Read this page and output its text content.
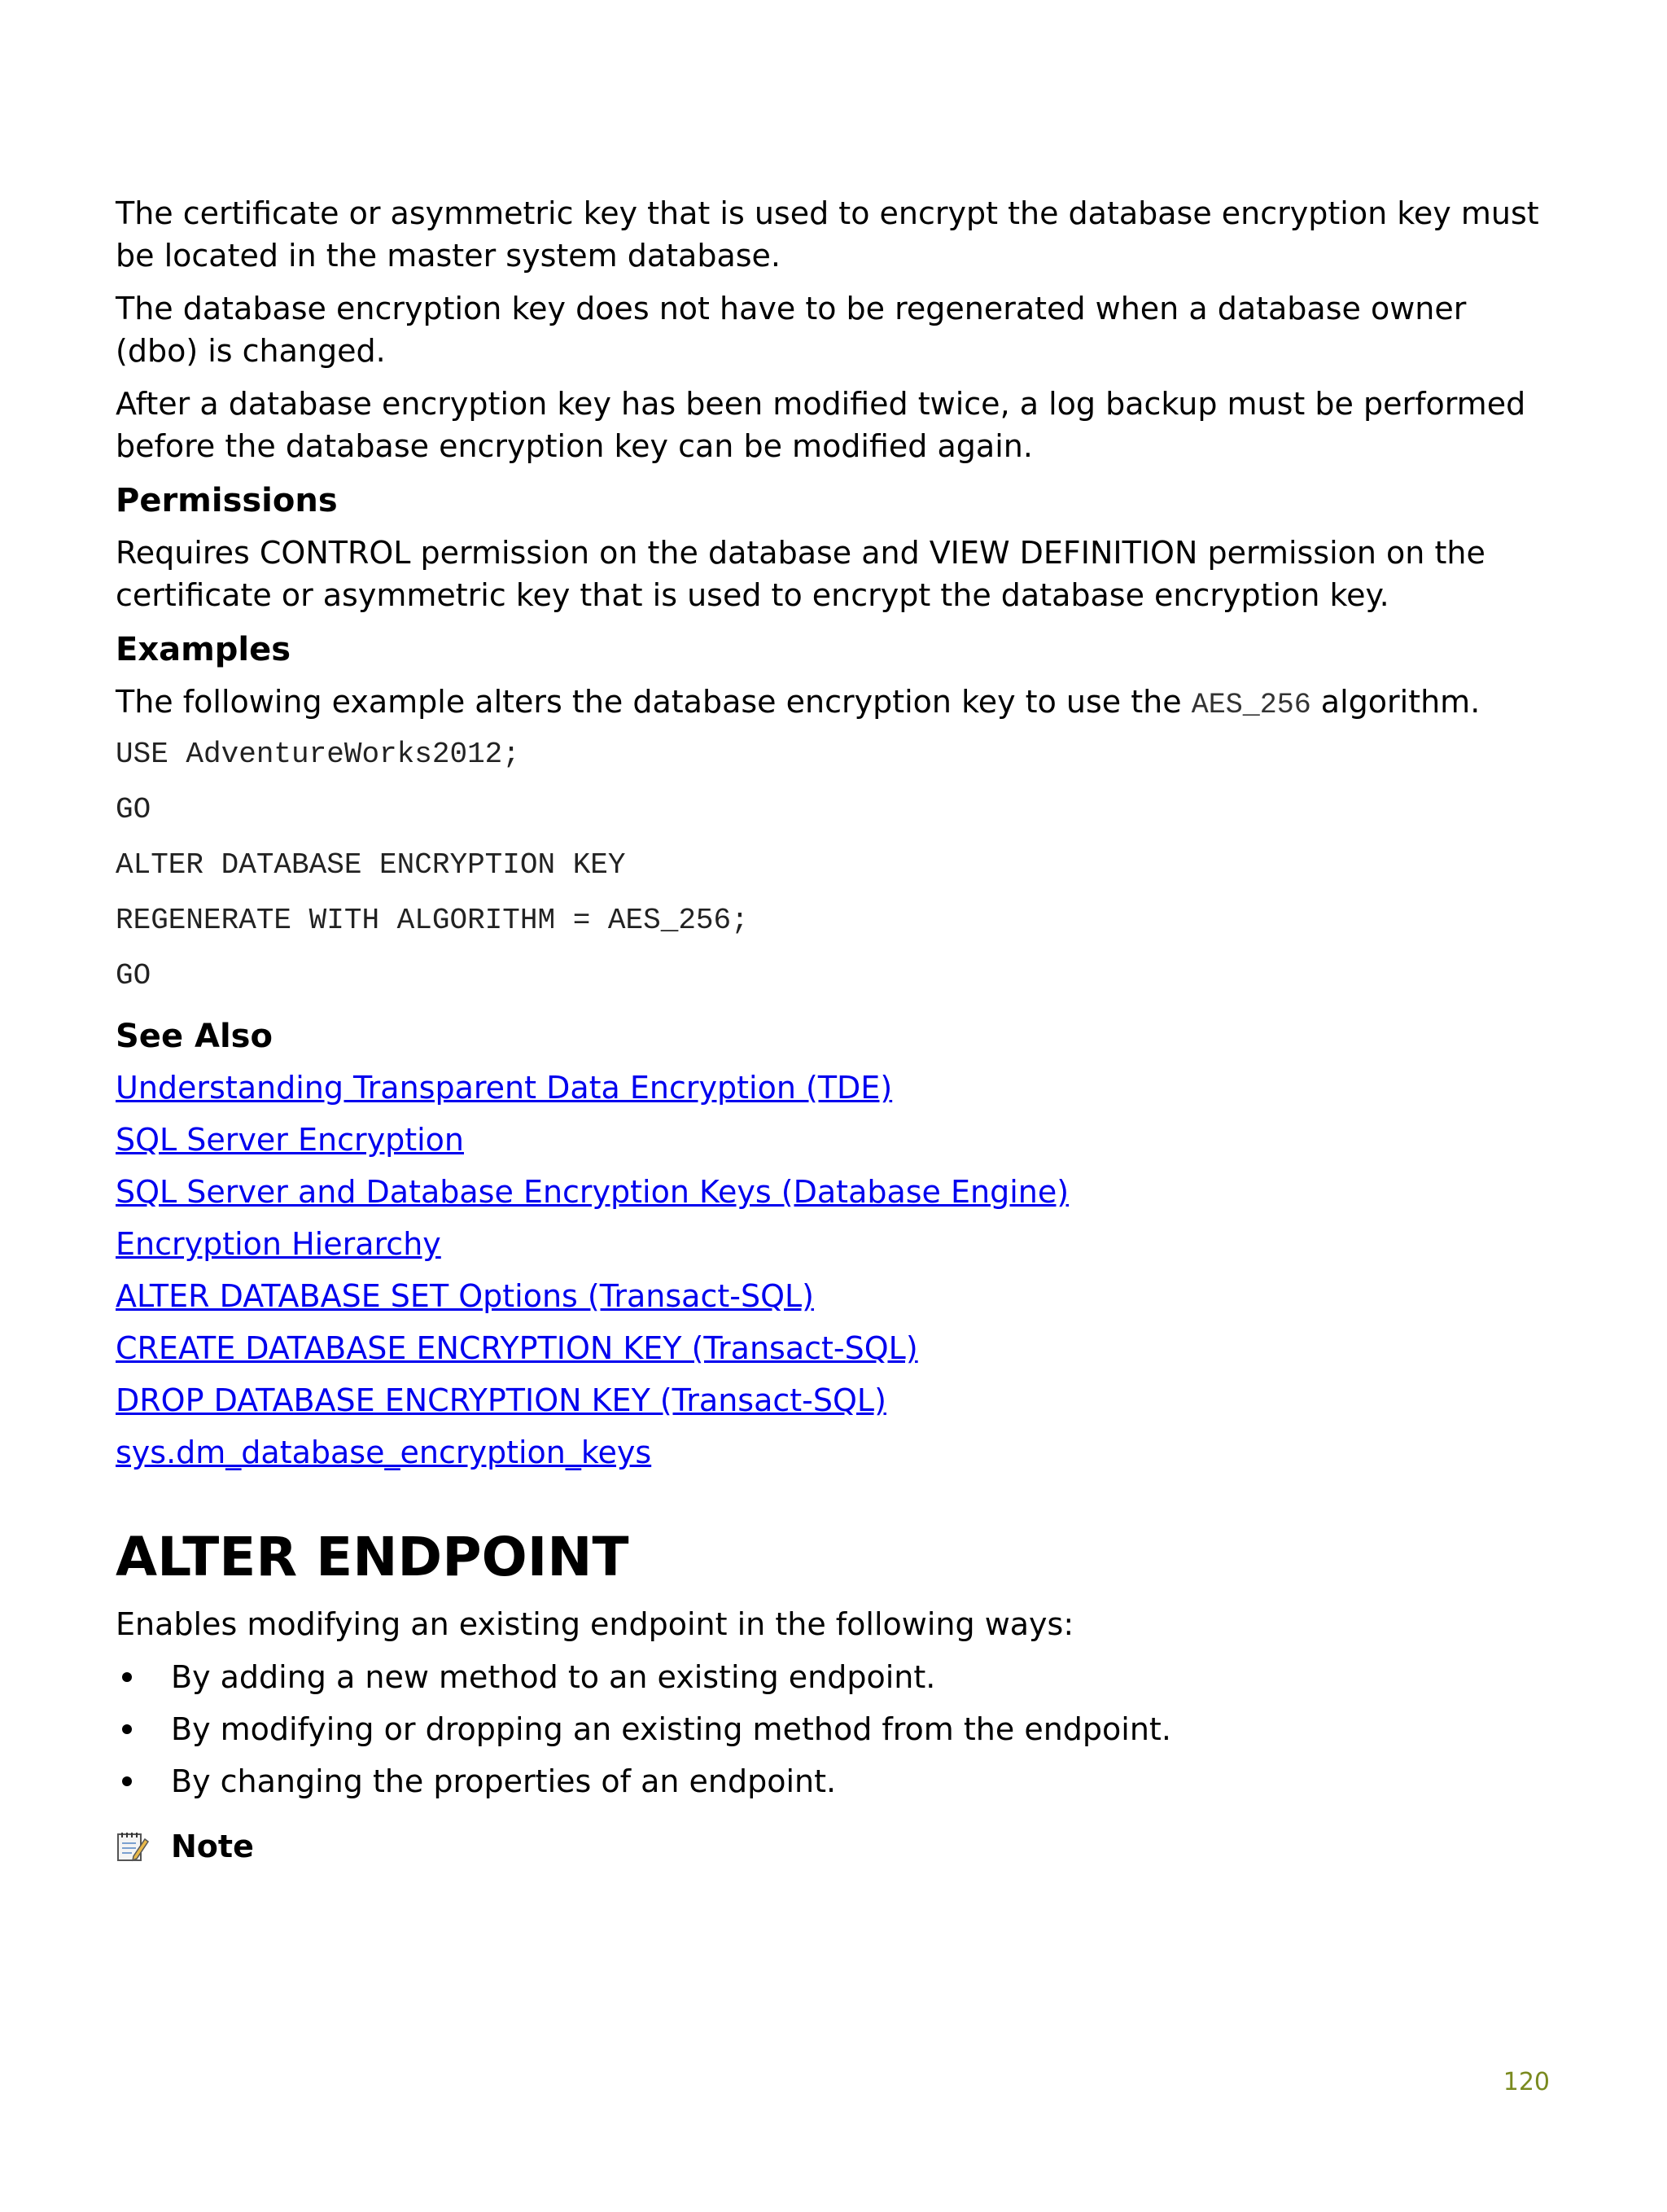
The certificate or asymmetric key that is used to encrypt the database encryption key must be located in the master system database.

The database encryption key does not have to be regenerated when a database owner (dbo) is changed.

After a database encryption key has been modified twice, a log backup must be performed before the database encryption key can be modified again.

Permissions

Requires CONTROL permission on the database and VIEW DEFINITION permission on the certificate or asymmetric key that is used to encrypt the database encryption key.

Examples

The following example alters the database encryption key to use the AES_256 algorithm.

USE AdventureWorks2012;

GO

ALTER DATABASE ENCRYPTION KEY

REGENERATE WITH ALGORITHM = AES_256;

GO

See Also

Understanding Transparent Data Encryption (TDE)
SQL Server Encryption
SQL Server and Database Encryption Keys (Database Engine)
Encryption Hierarchy
ALTER DATABASE SET Options (Transact-SQL)
CREATE DATABASE ENCRYPTION KEY (Transact-SQL)
DROP DATABASE ENCRYPTION KEY (Transact-SQL)
sys.dm_database_encryption_keys

ALTER ENDPOINT

Enables modifying an existing endpoint in the following ways:

By adding a new method to an existing endpoint.
By modifying or dropping an existing method from the endpoint.
By changing the properties of an endpoint.
Note
120
